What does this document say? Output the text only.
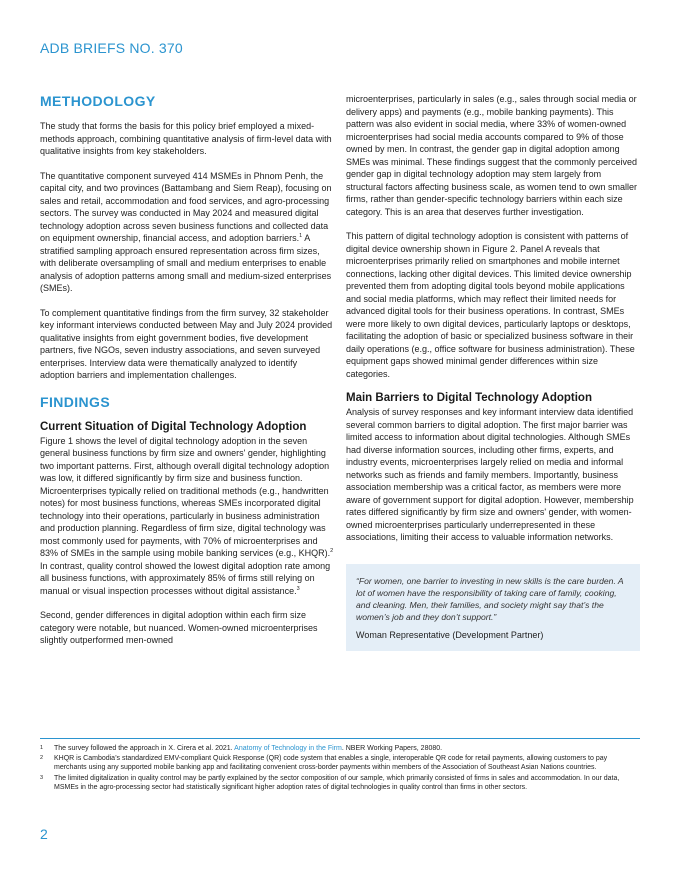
ADB BRIEFS NO. 370
METHODOLOGY

The study that forms the basis for this policy brief employed a mixed-methods approach, combining quantitative analysis of firm-level data with qualitative insights from key stakeholders.

The quantitative component surveyed 414 MSMEs in Phnom Penh, the capital city, and two provinces (Battambang and Siem Reap), focusing on sales and retail, accommodation and food services, and agro-processing sectors. The survey was conducted in May 2024 and measured digital technology adoption across seven business functions and collected data on equipment ownership, financial access, and adoption barriers.$^1$ A stratified sampling approach ensured representation across firm sizes, with deliberate oversampling of small and medium enterprises to enable analysis of adoption patterns among small and medium-sized enterprises (SMEs).

To complement quantitative findings from the firm survey, 32 stakeholder key informant interviews conducted between May and July 2024 provided qualitative insights from eight government bodies, five development partners, five NGOs, seven industry associations, and seven surveyed enterprises. Interview data were thematically analyzed to identify adoption barriers and implementation challenges.

FINDINGS
Current Situation of Digital Technology Adoption

Figure 1 shows the level of digital technology adoption in the seven general business functions by firm size and owners' gender, highlighting two important patterns. First, although overall digital technology adoption was low, it differed significantly by firm size and business function. Microenterprises typically relied on traditional methods (e.g., handwritten notes) for most business functions, whereas SMEs incorporated digital technology into their operations, particularly in business administration and production planning. Regardless of firm size, digital technology was most commonly used for payments, with 70% of microenterprises and 83% of SMEs in the sample using mobile banking services (e.g., KHQR).$^2$ In contrast, quality control showed the lowest digital adoption rate among all business functions, with approximately 85% of firms still relying on manual or visual inspection processes without digital assistance.$^3$

Second, gender differences in digital adoption within each firm size category were notable, but nuanced. Women-owned microenterprises slightly outperformed men-owned

microenterprises, particularly in sales (e.g., sales through social media or delivery apps) and payments (e.g., mobile banking payments). This pattern was also evident in social media, where 33% of women-owned microenterprises had social media accounts compared to 9% of those owned by men. In contrast, the gender gap in digital adoption among SMEs was minimal. These findings suggest that the commonly perceived gender gap in digital technology adoption may stem largely from structural factors affecting business scale, as women tend to own smaller firms, rather than gender-specific technology barriers within each size category. This is an area that deserves further investigation.

This pattern of digital technology adoption is consistent with patterns of digital device ownership shown in Figure 2. Panel A reveals that microenterprises primarily relied on smartphones and mobile internet connections, lacking other digital devices. This limited device ownership prevented them from adopting digital tools beyond mobile applications and social media platforms, which may reflect their limited needs for advanced digital tools for their business operations. In contrast, SMEs were more likely to own digital devices, particularly laptops or desktops, facilitating the adoption of basic or specialized business software in their daily operations (e.g., office software for business administration). These equipment gaps showed minimal gender differences within size categories.

Main Barriers to Digital Technology Adoption

Analysis of survey responses and key informant interview data identified several common barriers to digital adoption. The first major barrier was limited access to information about digital technologies. Although SMEs had diverse information sources, including other firms, experts, and industry events, microenterprises largely relied on media and informal networks such as friends and family members. Importantly, business association membership was a critical factor, as members were more aware of government support for digital adoption. However, membership rates differed significantly by firm size and owners' gender, with women-owned microenterprises particularly underrepresented in these associations, limiting their access to valuable information networks.

“For women, one barrier to investing in new skills is the care burden. A lot of women have the responsibility of taking care of family, cooking, and cleaning. Men, their families, and society might say that’s the women’s job and they don’t support.”
Woman Representative (Development Partner)
1	The survey followed the approach in X. Cirera et al. 2021. Anatomy of Technology in the Firm. NBER Working Papers, 28080.
2	KHQR is Cambodia’s standardized EMV-compliant Quick Response (QR) code system that enables a single, interoperable QR code for retail payments, allowing customers to pay merchants using any supported mobile banking app and facilitating convenient cross-border payments within members of the Association of Southeast Asian Nations countries.
3	The limited digitalization in quality control may be partly explained by the sector composition of our sample, which primarily consisted of firms in sales and accommodation. In our data, MSMEs in the agro-processing sector had statistically significant higher adoption rates of digital technologies in quality control than firms in other sectors.
2
